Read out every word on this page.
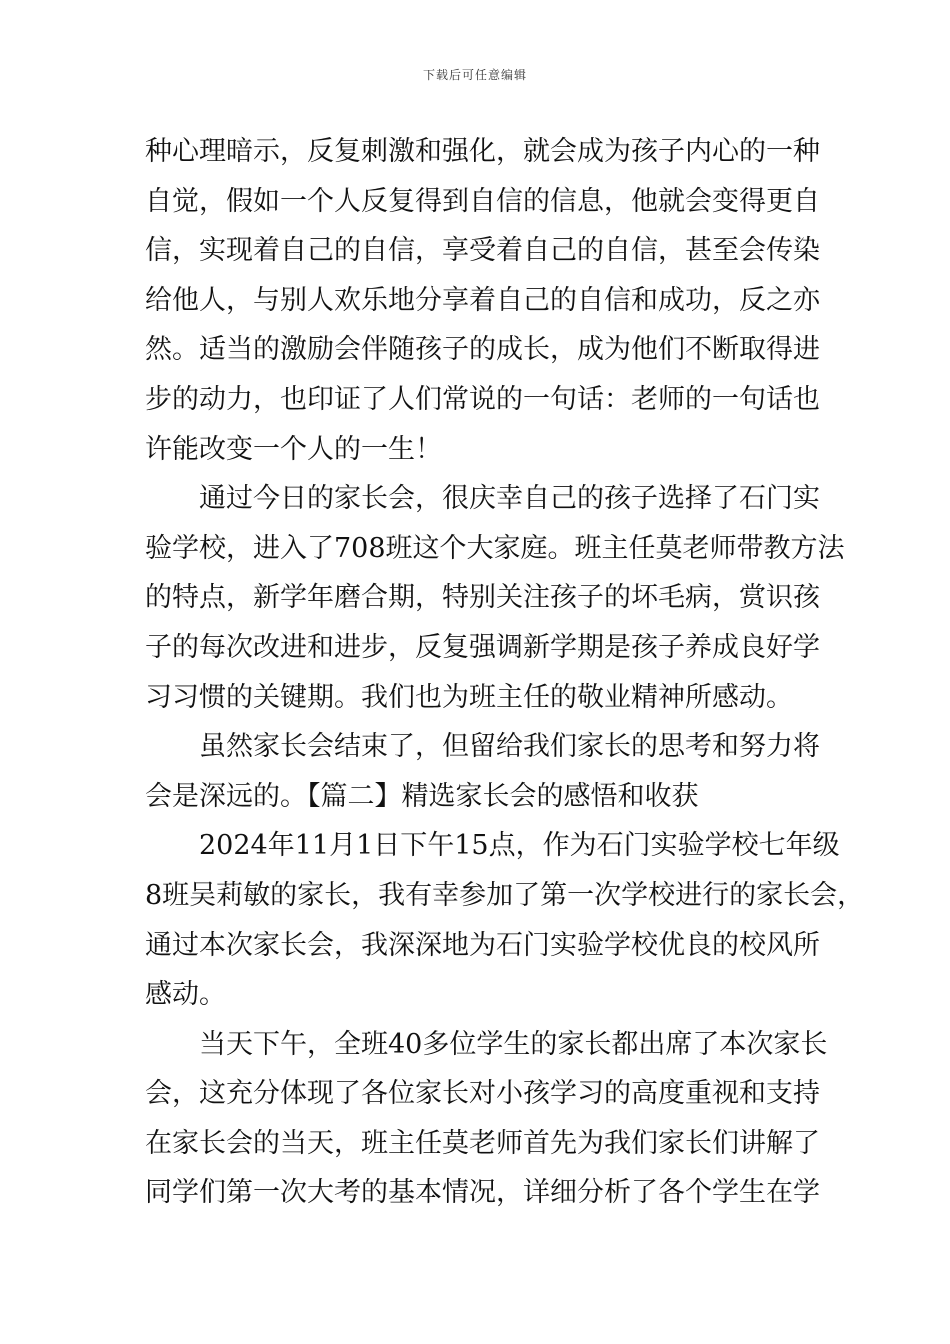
下载后可任意编辑
种心理暗示，反复刺激和强化，就会成为孩子内心的一种
自觉，假如一个人反复得到自信的信息，他就会变得更自
信，实现着自己的自信，享受着自己的自信，甚至会传染
给他人，与别人欢乐地分享着自己的自信和成功，反之亦
然。适当的激励会伴随孩子的成长，成为他们不断取得进
步的动力，也印证了人们常说的一句话：老师的一句话也
许能改变一个人的一生！
通过今日的家长会，很庆幸自己的孩子选择了石门实
验学校，进入了708班这个大家庭。班主任莫老师带教方法
的特点，新学年磨合期，特别关注孩子的坏毛病，赏识孩
子的每次改进和进步，反复强调新学期是孩子养成良好学
习习惯的关键期。我们也为班主任的敬业精神所感动。
虽然家长会结束了，但留给我们家长的思考和努力将
会是深远的。【篇二】精选家长会的感悟和收获
2024年11月1日下午15点，作为石门实验学校七年级
8班吴莉敏的家长，我有幸参加了第一次学校进行的家长会，
通过本次家长会，我深深地为石门实验学校优良的校风所
感动。
当天下午，全班40多位学生的家长都出席了本次家长
会，这充分体现了各位家长对小孩学习的高度重视和支持
在家长会的当天，班主任莫老师首先为我们家长们讲解了
同学们第一次大考的基本情况，详细分析了各个学生在学
